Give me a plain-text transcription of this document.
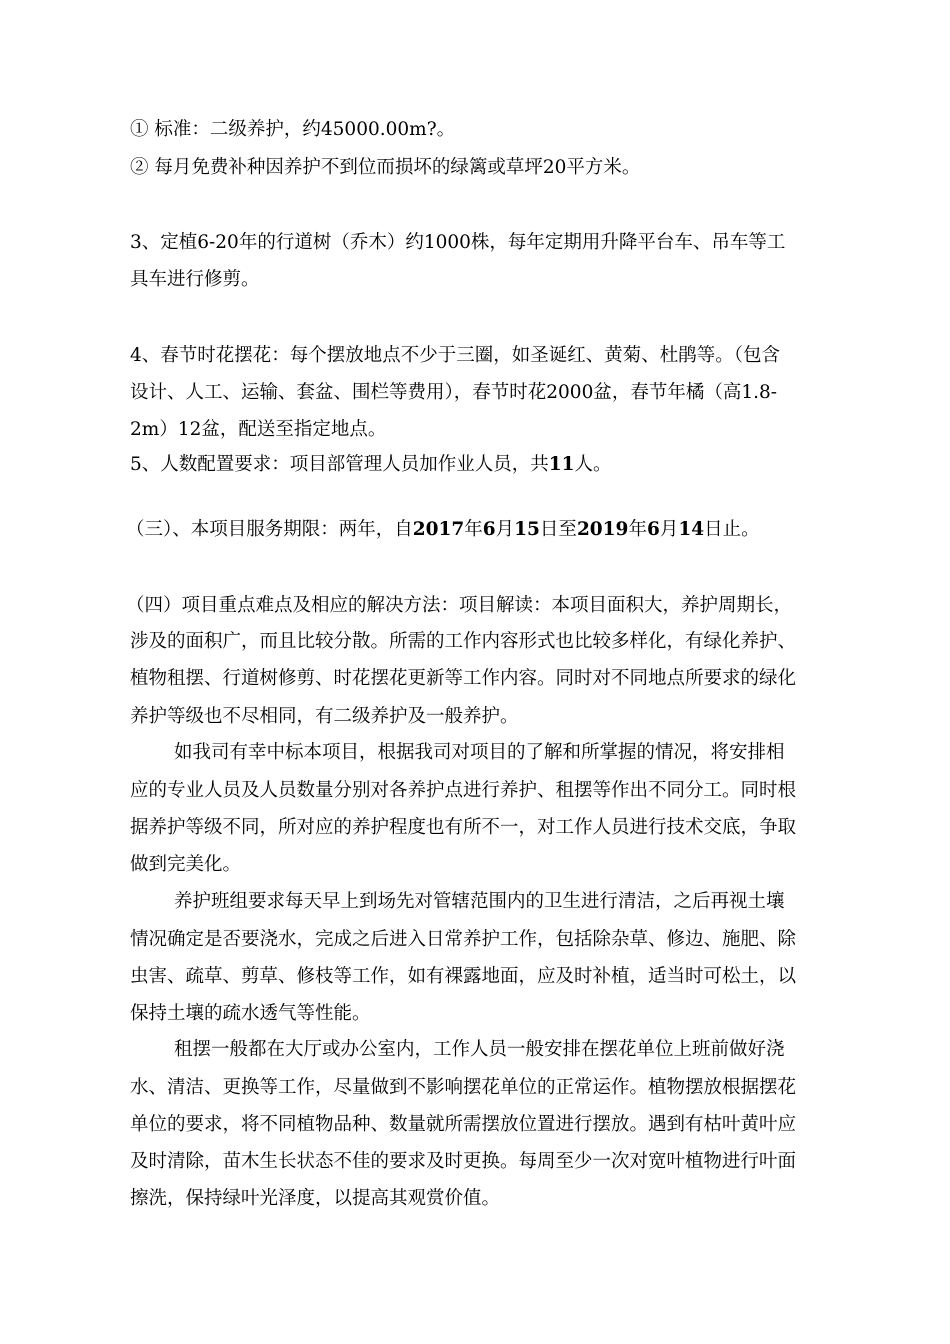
① 标准：二级养护，约45000.00m?。
② 每月免费补种因养护不到位而损坏的绿篱或草坪20平方米。
3、定植6-20年的行道树（乔木）约1000株，每年定期用升降平台车、吊车等工
具车进行修剪。
4、春节时花摆花：每个摆放地点不少于三圈，如圣诞红、黄菊、杜鹃等。（包含
设计、人工、运输、套盆、围栏等费用），春节时花2000盆，春节年橘（高1.8-
2m）12盆，配送至指定地点。
5、人数配置要求：项目部管理人员加作业人员，共11人。
（三）、本项目服务期限：两年，自2017年6月15日至2019年6月14日止。
（四）项目重点难点及相应的解决方法：项目解读：本项目面积大，养护周期长，
涉及的面积广，而且比较分散。所需的工作内容形式也比较多样化，有绿化养护、
植物租摆、行道树修剪、时花摆花更新等工作内容。同时对不同地点所要求的绿化
养护等级也不尽相同，有二级养护及一般养护。
如我司有幸中标本项目，根据我司对项目的了解和所掌握的情况，将安排相
应的专业人员及人员数量分别对各养护点进行养护、租摆等作出不同分工。同时根
据养护等级不同，所对应的养护程度也有所不一，对工作人员进行技术交底，争取
做到完美化。
养护班组要求每天早上到场先对管辖范围内的卫生进行清洁，之后再视土壤
情况确定是否要浇水，完成之后进入日常养护工作，包括除杂草、修边、施肥、除
虫害、疏草、剪草、修枝等工作，如有裸露地面，应及时补植，适当时可松土，以
保持土壤的疏水透气等性能。
租摆一般都在大厅或办公室内，工作人员一般安排在摆花单位上班前做好浇
水、清洁、更换等工作，尽量做到不影响摆花单位的正常运作。植物摆放根据摆花
单位的要求，将不同植物品种、数量就所需摆放位置进行摆放。遇到有枯叶黄叶应
及时清除，苗木生长状态不佳的要求及时更换。每周至少一次对宽叶植物进行叶面
擦洗，保持绿叶光泽度，以提高其观赏价值。
